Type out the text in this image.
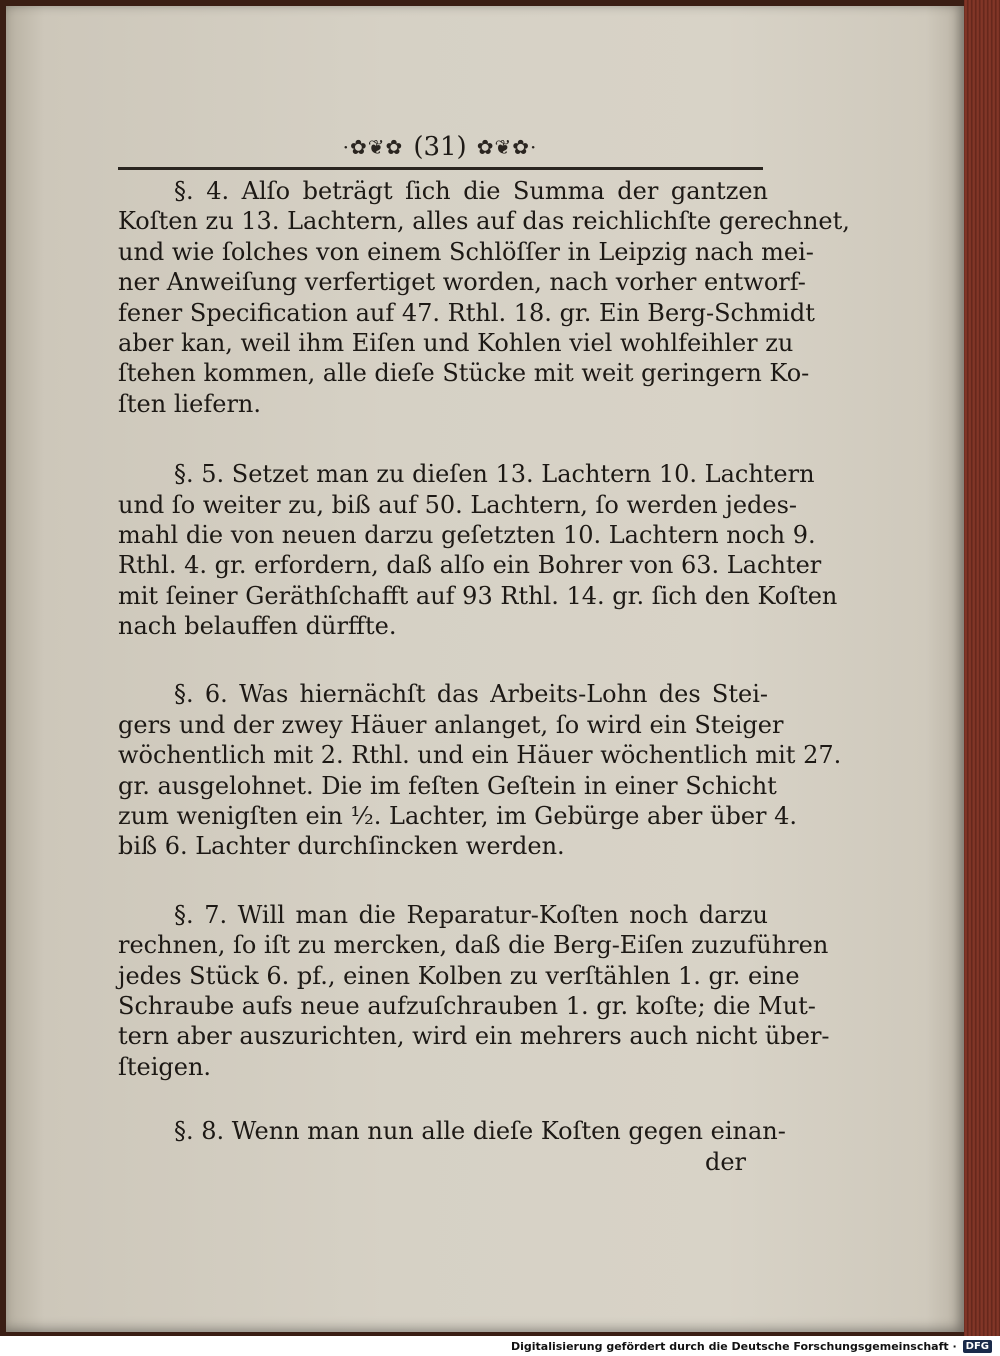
·✿❦✿ (31) ✿❦✿·
§. 4. Alſo beträgt ſich die Summa der gantzen
Koſten zu 13. Lachtern, alles auf das reichlichſte gerechnet,
und wie ſolches von einem Schlöſſer in Leipzig nach mei-
ner Anweiſung verfertiget worden, nach vorher entworf-
fener Specification auf 47. Rthl. 18. gr. Ein Berg-Schmidt
aber kan, weil ihm Eiſen und Kohlen viel wohlfeihler zu
ſtehen kommen, alle dieſe Stücke mit weit geringern Ko-
ſten liefern.
§. 5. Setzet man zu dieſen 13. Lachtern 10. Lachtern
und ſo weiter zu, biß auf 50. Lachtern, ſo werden jedes-
mahl die von neuen darzu geſetzten 10. Lachtern noch 9.
Rthl. 4. gr. erfordern, daß alſo ein Bohrer von 63. Lachter
mit ſeiner Geräthſchafft auf 93 Rthl. 14. gr. ſich den Koſten
nach belauffen dürffte.
§. 6. Was hiernächſt das Arbeits-Lohn des Stei-
gers und der zwey Häuer anlanget, ſo wird ein Steiger
wöchentlich mit 2. Rthl. und ein Häuer wöchentlich mit 27.
gr. ausgelohnet. Die im feſten Geſtein in einer Schicht
zum wenigſten ein ½. Lachter, im Gebürge aber über 4.
biß 6. Lachter durchſincken werden.
§. 7. Will man die Reparatur-Koſten noch darzu
rechnen, ſo iſt zu mercken, daß die Berg-Eiſen zuzuführen
jedes Stück 6. pf., einen Kolben zu verſtählen 1. gr. eine
Schraube aufs neue aufzuſchrauben 1. gr. koſte; die Mut-
tern aber auszurichten, wird ein mehrers auch nicht über-
ſteigen.
§. 8. Wenn man nun alle dieſe Koſten gegen einan-
der
Digitalisierung gefördert durch die Deutsche Forschungsgemeinschaft · DFG
